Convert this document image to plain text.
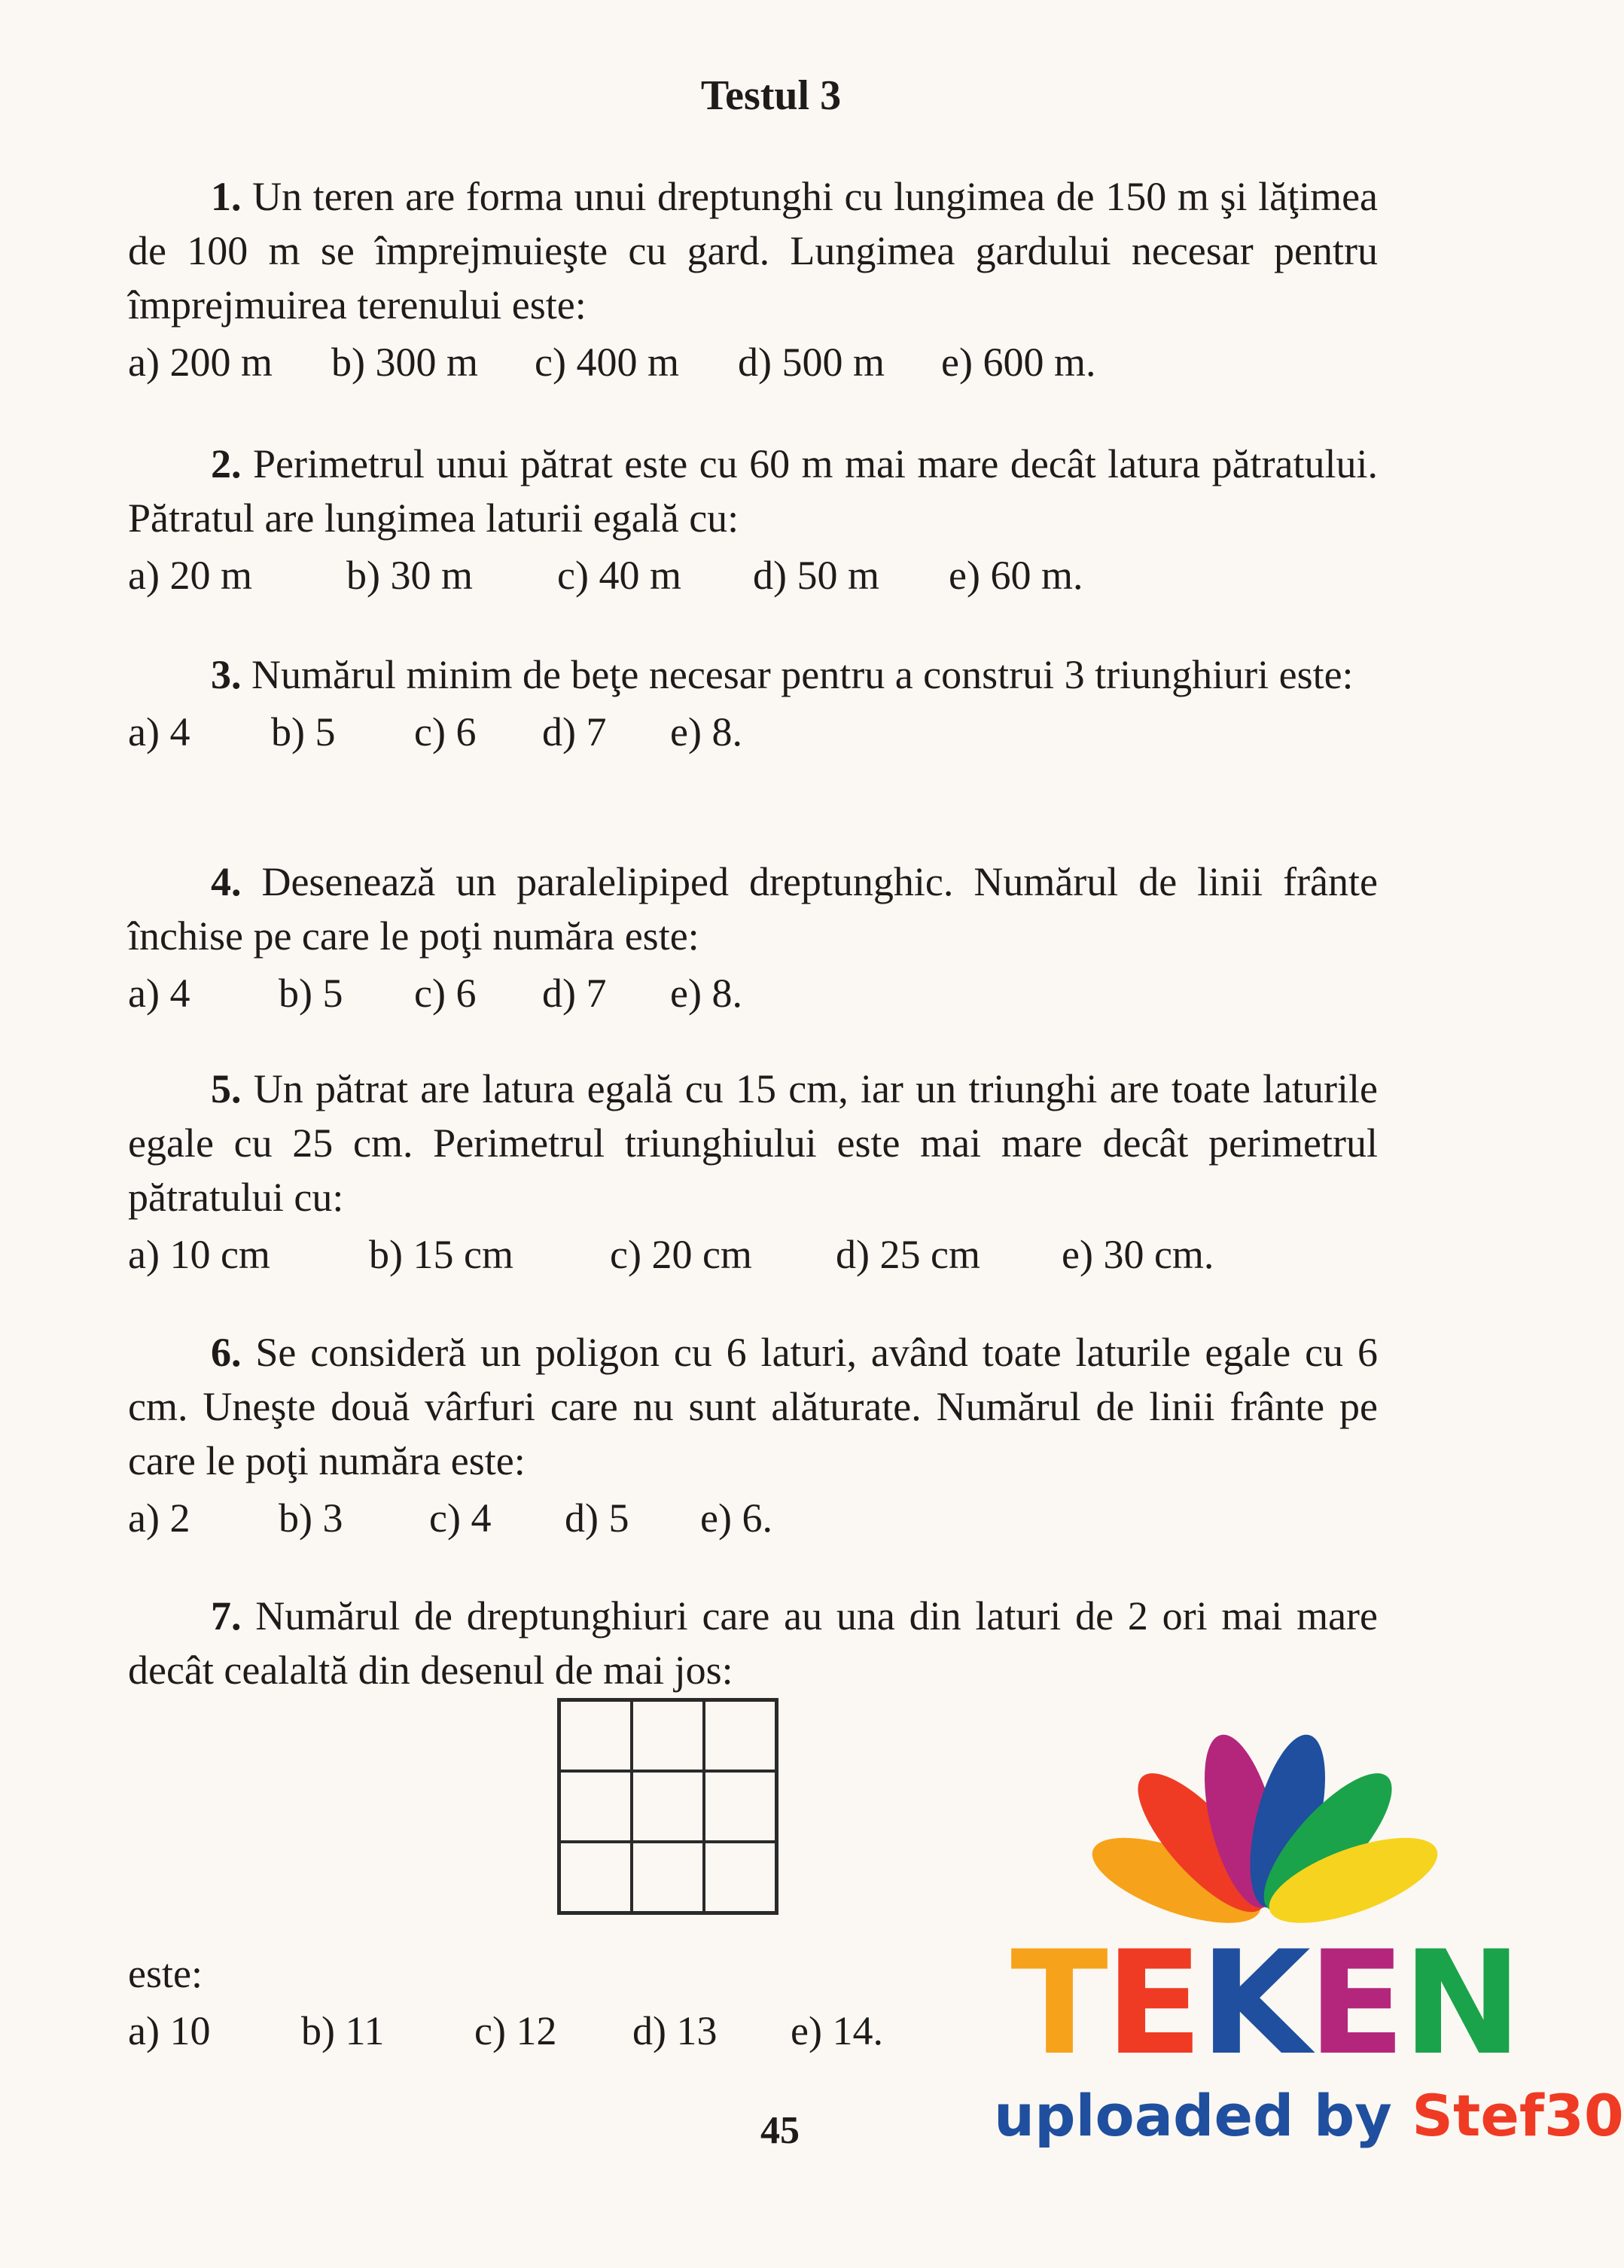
Testul 3
1. Un teren are forma unui dreptunghi cu lungimea de 150 m şi lăţimea de 100 m se împrejmuieşte cu gard. Lungimea gardului necesar pentru împrejmuirea terenului este:
a) 200 m	b) 300 m	c) 400 m	d) 500 m	e) 600 m.
2. Perimetrul unui pătrat este cu 60 m mai mare decât latura pătratului. Pătratul are lungimea laturii egală cu:
a) 20 m	b) 30 m	c) 40 m	d) 50 m	e) 60 m.
3. Numărul minim de beţe necesar pentru a construi 3 triunghiuri este:
a) 4	b) 5	c) 6	d) 7	e) 8.
4. Desenează un paralelipiped dreptunghic. Numărul de linii frânte închise pe care le poţi număra este:
a) 4	b) 5	c) 6	d) 7	e) 8.
5. Un pătrat are latura egală cu 15 cm, iar un triunghi are toate laturile egale cu 25 cm. Perimetrul triunghiului este mai mare decât perimetrul pătratului cu:
a) 10 cm	b) 15 cm	c) 20 cm	d) 25 cm	e) 30 cm.
6. Se consideră un poligon cu 6 laturi, având toate laturile egale cu 6 cm. Uneşte două vârfuri care nu sunt alăturate. Numărul de linii frânte pe care le poţi număra este:
a) 2	b) 3	c) 4	d) 5	e) 6.
7. Numărul de dreptunghiuri care au una din laturi de 2 ori mai mare decât cealaltă din desenul de mai jos:
este:
a) 10	b) 11	c) 12	d) 13	e) 14.
45
TEKEN
uploaded by Stef30
